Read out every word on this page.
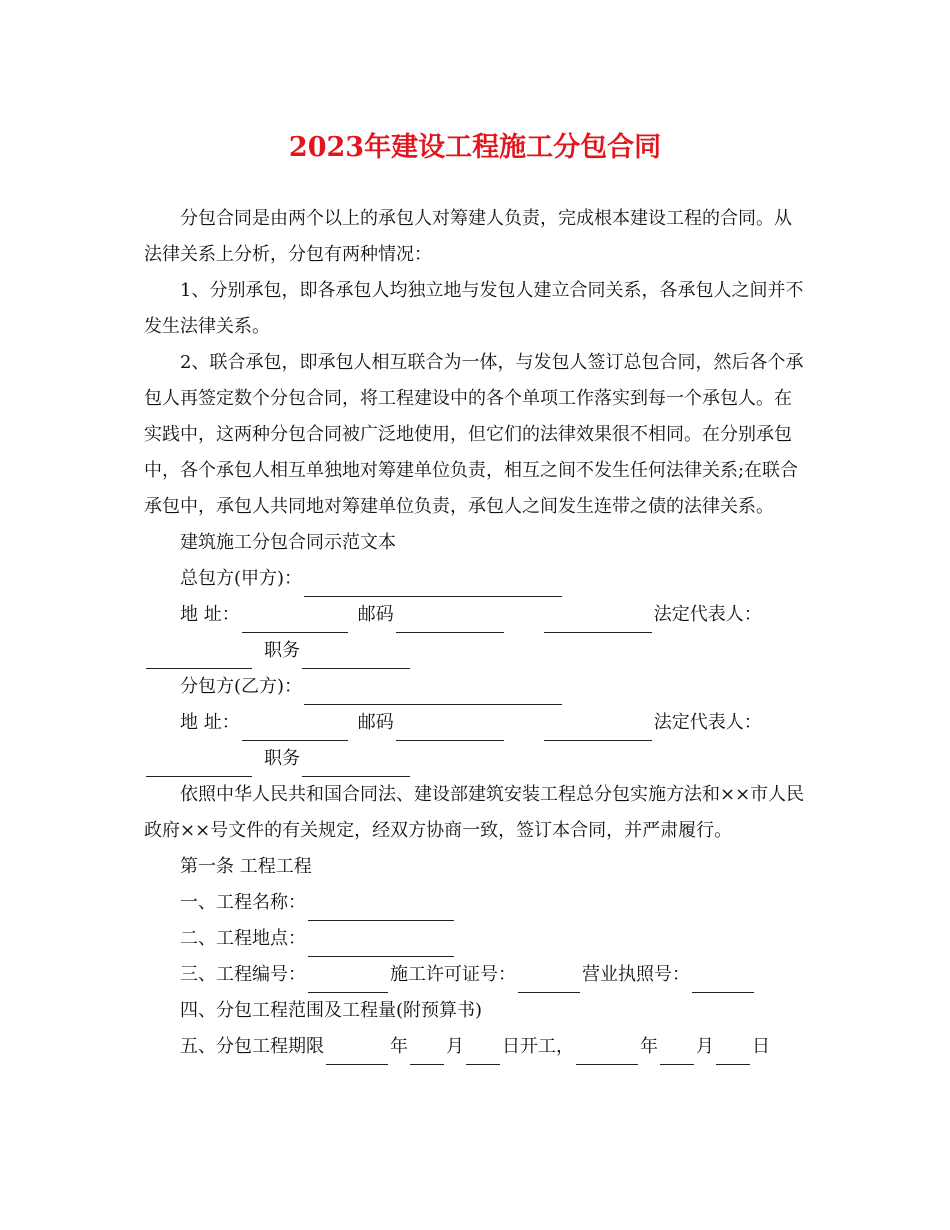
2023年建设工程施工分包合同

分包合同是由两个以上的承包人对筹建人负责，完成根本建设工程的合同。从法律关系上分析，分包有两种情况：

1、分别承包，即各承包人均独立地与发包人建立合同关系，各承包人之间并不发生法律关系。

2、联合承包，即承包人相互联合为一体，与发包人签订总包合同，然后各个承包人再签定数个分包合同，将工程建设中的各个单项工作落实到每一个承包人。在实践中，这两种分包合同被广泛地使用，但它们的法律效果很不相同。在分别承包中，各个承包人相互单独地对筹建单位负责，相互之间不发生任何法律关系;在联合承包中，承包人共同地对筹建单位负责，承包人之间发生连带之债的法律关系。

建筑施工分包合同示范文本

总包方(甲方)：
地 址：	邮码	法定代表人：
职务
分包方(乙方)：
地 址：	邮码	法定代表人：
职务

依照中华人民共和国合同法、建设部建筑安装工程总分包实施方法和××市人民政府××号文件的有关规定，经双方协商一致，签订本合同，并严肃履行。

第一条 工程工程

一、工程名称：
二、工程地点：
三、工程编号：	施工许可证号：	营业执照号：

四、分包工程范围及工程量(附预算书)

五、分包工程期限	年 月 日开工，	年 月 日
